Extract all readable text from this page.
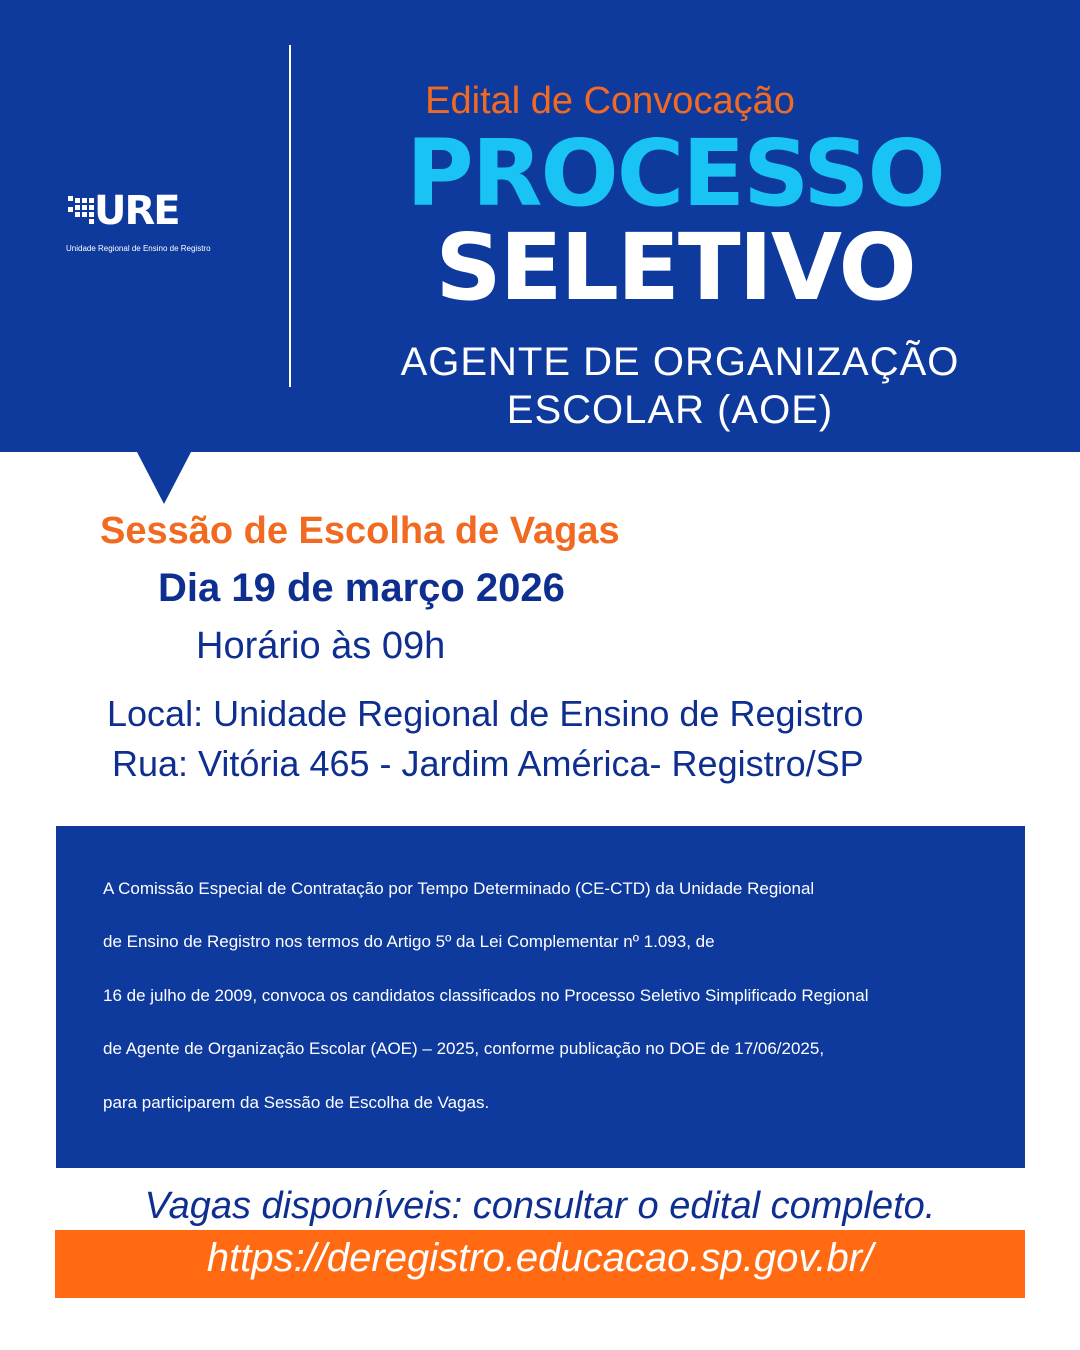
URE
Unidade Regional de Ensino de Registro
Edital de Convocação
PROCESSO
SELETIVO
AGENTE DE ORGANIZAÇÃO
ESCOLAR (AOE)
Sessão de Escolha de Vagas
Dia 19 de março 2026
Horário às 09h
Local: Unidade Regional de Ensino de Registro
Rua: Vitória 465 - Jardim América- Registro/SP

A Comissão Especial de Contratação por Tempo Determinado (CE-CTD) da Unidade Regional

de Ensino de Registro nos termos do Artigo 5º da Lei Complementar nº 1.093, de

16 de julho de 2009, convoca os candidatos classificados no Processo Seletivo Simplificado Regional

de Agente de Organização Escolar (AOE) – 2025, conforme publicação no DOE de 17/06/2025,

para participarem da Sessão de Escolha de Vagas.

Vagas disponíveis: consultar o edital completo.
https://deregistro.educacao.sp.gov.br/
